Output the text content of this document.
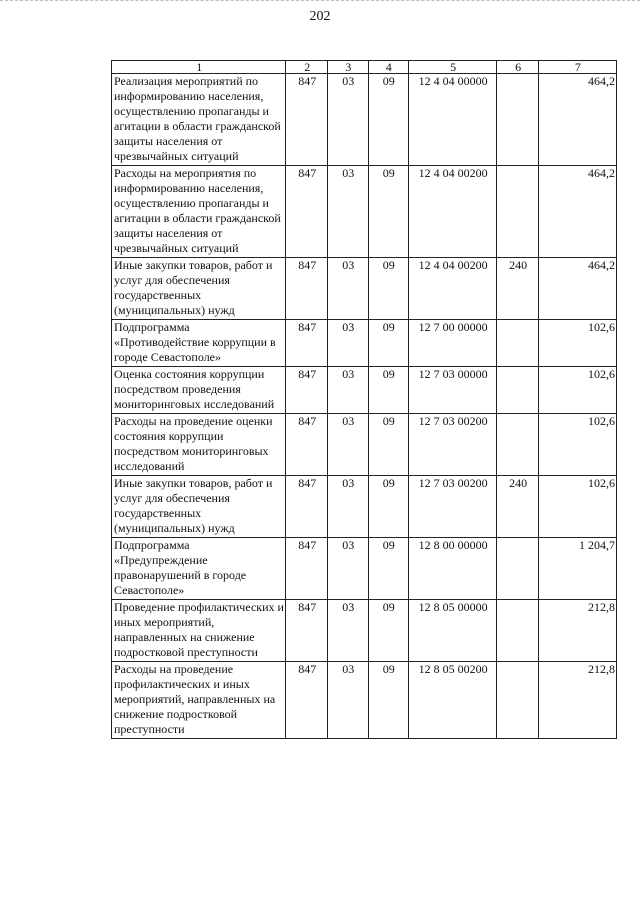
202
1	2	3	4	5	6	7
Реализация мероприятий по информированию населения, осуществлению пропаганды и агитации в области гражданской защиты населения от чрезвычайных ситуаций	847	03	09	12 4 04 00000		464,2
Расходы на мероприятия по информированию населения, осуществлению пропаганды и агитации в области гражданской защиты населения от чрезвычайных ситуаций	847	03	09	12 4 04 00200		464,2
Иные закупки товаров, работ и услуг для обеспечения государственных (муниципальных) нужд	847	03	09	12 4 04 00200	240	464,2
Подпрограмма «Противодействие коррупции в городе Севастополе»	847	03	09	12 7 00 00000		102,6
Оценка состояния коррупции посредством проведения мониторинговых исследований	847	03	09	12 7 03 00000		102,6
Расходы на проведение оценки состояния коррупции посредством мониторинговых исследований	847	03	09	12 7 03 00200		102,6
Иные закупки товаров, работ и услуг для обеспечения государственных (муниципальных) нужд	847	03	09	12 7 03 00200	240	102,6
Подпрограмма «Предупреждение правонарушений в городе Севастополе»	847	03	09	12 8 00 00000		1 204,7
Проведение профилактических и иных мероприятий, направленных на снижение подростковой преступности	847	03	09	12 8 05 00000		212,8
Расходы на проведение профилактических и иных мероприятий, направленных на снижение подростковой преступности	847	03	09	12 8 05 00200		212,8
